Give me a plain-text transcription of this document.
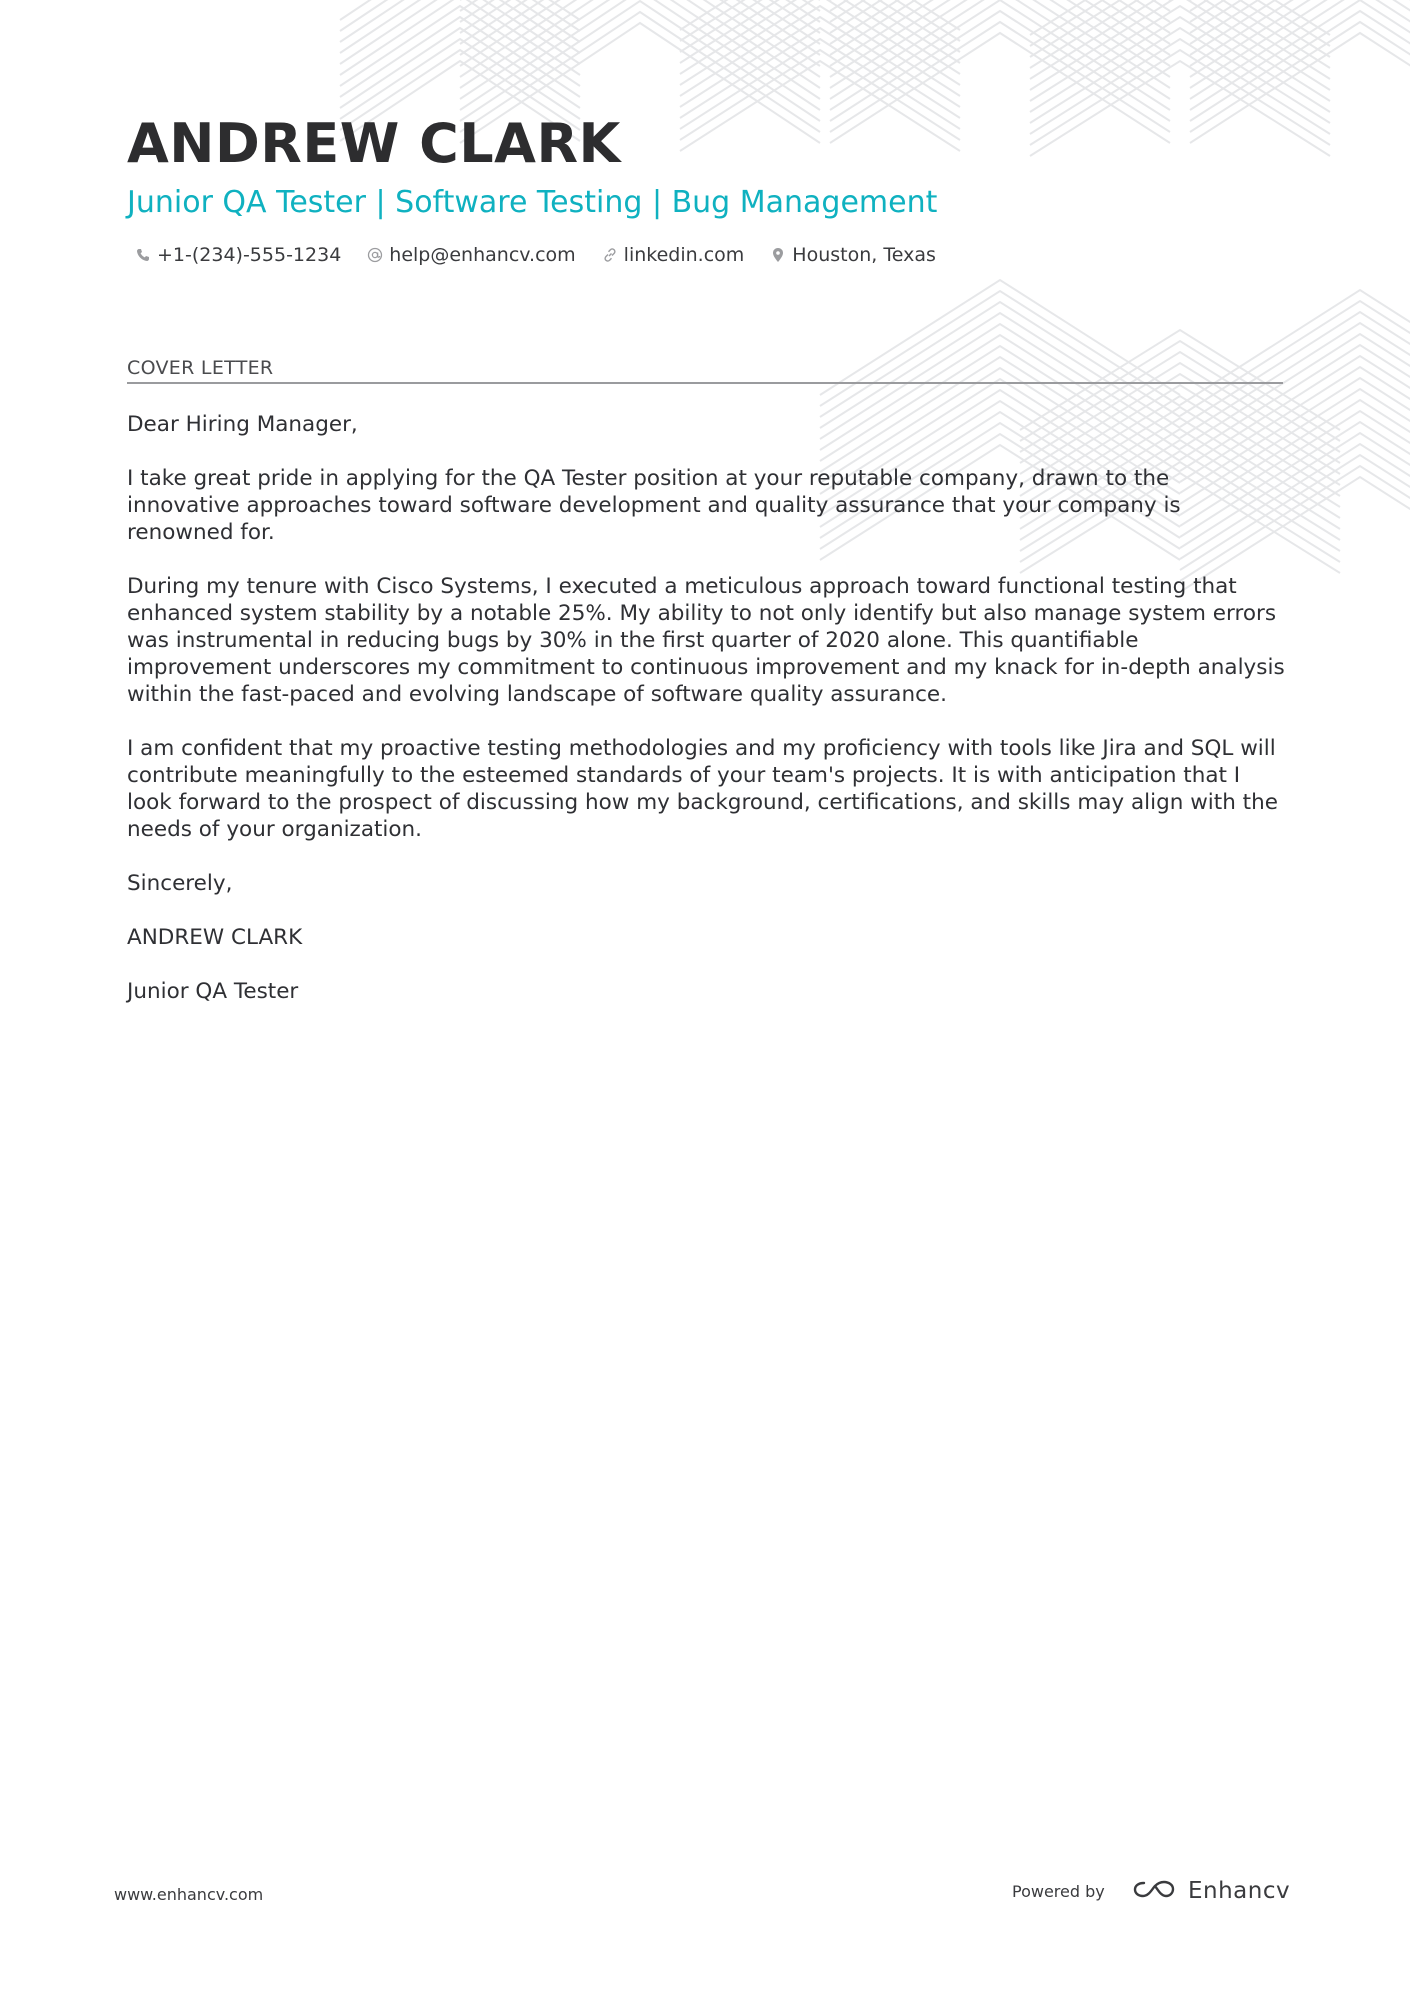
ANDREW CLARK
Junior QA Tester | Software Testing | Bug Management
+1-(234)-555-1234	help@enhancv.com	linkedin.com	Houston, Texas
COVER LETTER

Dear Hiring Manager,

I take great pride in applying for the QA Tester position at your reputable company, drawn to the innovative approaches toward software development and quality assurance that your company is renowned for.

During my tenure with Cisco Systems, I executed a meticulous approach toward functional testing that enhanced system stability by a notable 25%. My ability to not only identify but also manage system errors was instrumental in reducing bugs by 30% in the first quarter of 2020 alone. This quantifiable improvement underscores my commitment to continuous improvement and my knack for in-depth analysis within the fast-paced and evolving landscape of software quality assurance.

I am confident that my proactive testing methodologies and my proficiency with tools like Jira and SQL will contribute meaningfully to the esteemed standards of your team's projects. It is with anticipation that I look forward to the prospect of discussing how my background, certifications, and skills may align with the needs of your organization.

Sincerely,

ANDREW CLARK

Junior QA Tester

www.enhancv.com	Powered by	Enhancv
